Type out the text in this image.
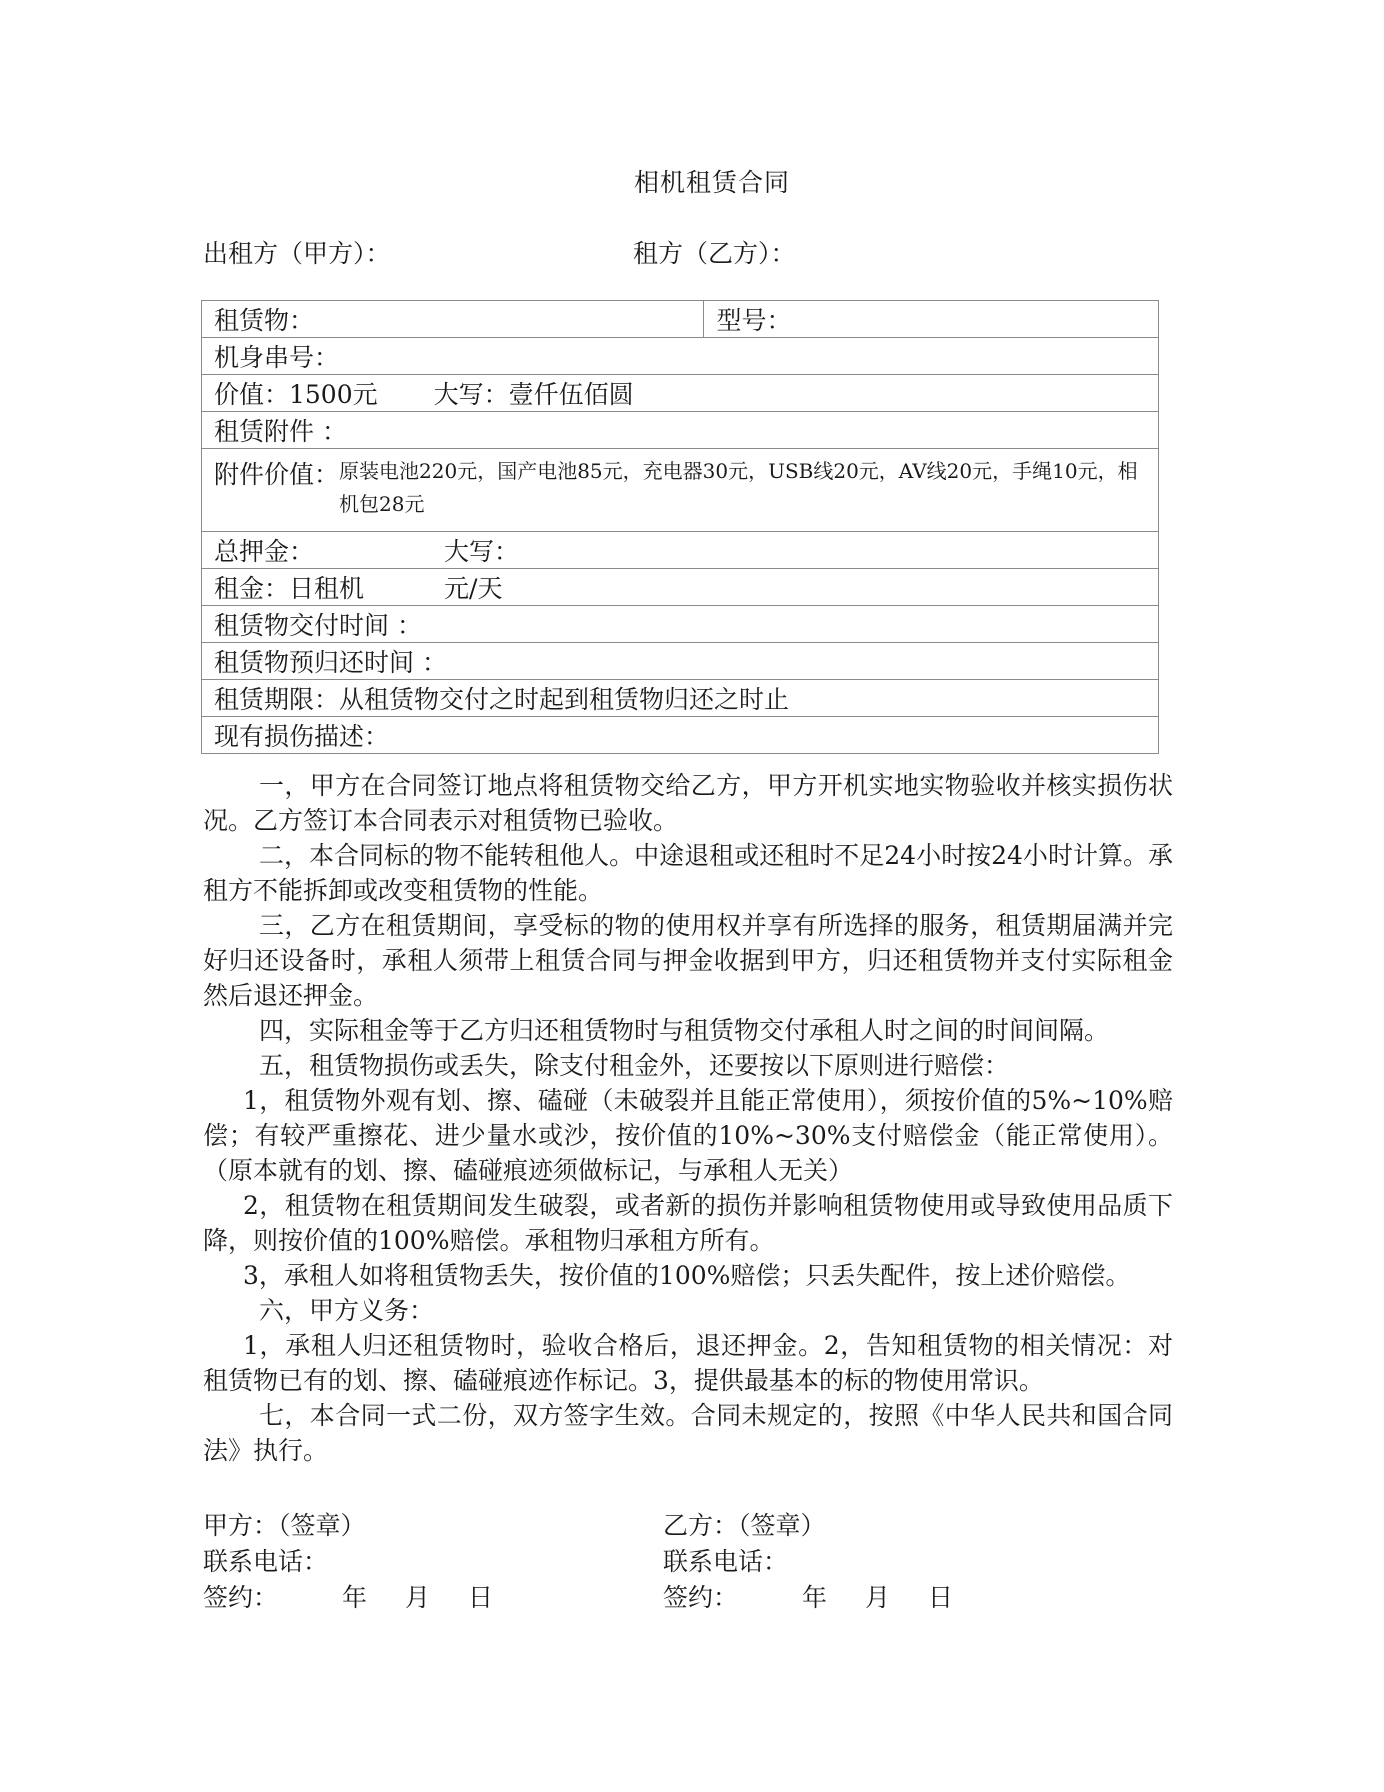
相机租赁合同
出租方（甲方）：	租方（乙方）：
租赁物：	型号：
机身串号：
价值：1500元 大写：壹仟伍佰圆
租赁附件 ：

附件价值： 原装电池220元，国产电池85元，充电器30元，USB线20元，AV线20元，手绳10元，相机包28元

总押金：	大写：
租金：日租机	元/天
租赁物交付时间 ：
租赁物预归还时间 ：
租赁期限：从租赁物交付之时起到租赁物归还之时止
现有损伤描述：

一，甲方在合同签订地点将租赁物交给乙方，甲方开机实地实物验收并核实损伤状况。乙方签订本合同表示对租赁物已验收。

二，本合同标的物不能转租他人。中途退租或还租时不足24小时按24小时计算。承租方不能拆卸或改变租赁物的性能。

三，乙方在租赁期间，享受标的物的使用权并享有所选择的服务，租赁期届满并完好归还设备时，承租人须带上租赁合同与押金收据到甲方，归还租赁物并支付实际租金然后退还押金。

四，实际租金等于乙方归还租赁物时与租赁物交付承租人时之间的时间间隔。

五，租赁物损伤或丢失，除支付租金外，还要按以下原则进行赔偿：

1，租赁物外观有划、擦、磕碰（未破裂并且能正常使用），须按价值的5%~10%赔偿；有较严重擦花、进少量水或沙，按价值的10%~30%支付赔偿金（能正常使用）。（原本就有的划、擦、磕碰痕迹须做标记，与承租人无关）

2，租赁物在租赁期间发生破裂，或者新的损伤并影响租赁物使用或导致使用品质下降，则按价值的100%赔偿。承租物归承租方所有。

3，承租人如将租赁物丢失，按价值的100%赔偿；只丢失配件，按上述价赔偿。

六，甲方义务：

1，承租人归还租赁物时，验收合格后，退还押金。2，告知租赁物的相关情况：对租赁物已有的划、擦、磕碰痕迹作标记。3，提供最基本的标的物使用常识。

七，本合同一式二份，双方签字生效。合同未规定的，按照《中华人民共和国合同法》执行。

甲方：（签章）
联系电话：
签约：	年 月 日
乙方：（签章）
联系电话：
签约：	年 月 日
